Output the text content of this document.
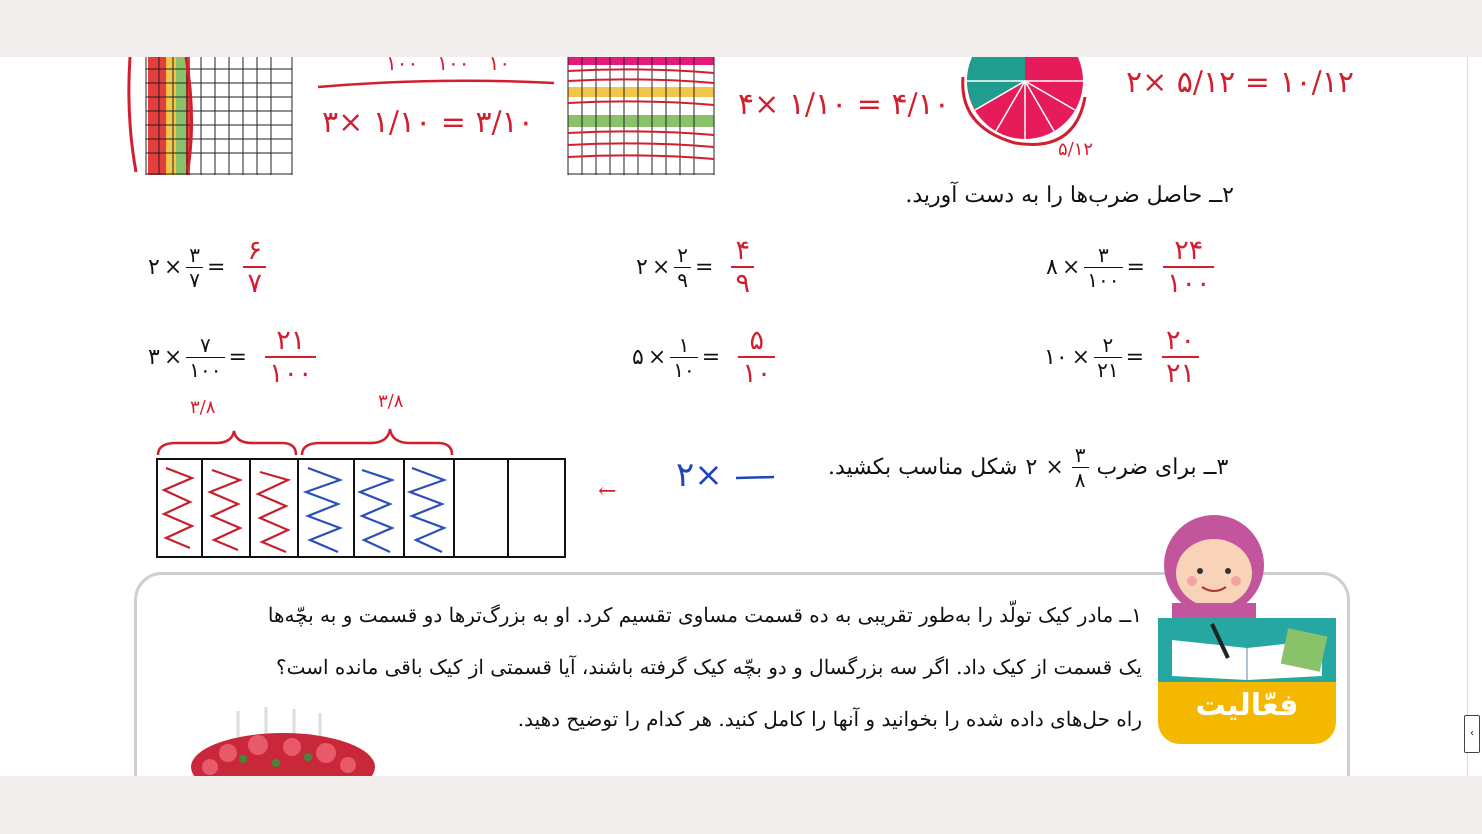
۳× ۱/۱۰ = ۳/۱۰
۴× ۱/۱۰ = ۴/۱۰
۲× ۵/۱۲ = ۱۰/۱۲
۵/۱۲
۱۰۰   ۱۰۰   ۱۰
۲ــ حاصل ضرب‌ها را به دست آورید.
۲ × $\frac{۳}{۷} = \frac{۶}{۷}$	۲ × $\frac{۲}{۹} = \frac{۴}{۹}$	۸ × $\frac{۳}{۱۰۰} = \frac{۲۴}{۱۰۰}$
۳ × $\frac{۷}{۱۰۰} = \frac{۲۱}{۱۰۰}$	۵ × $\frac{۱}{۱۰} = \frac{۵}{۱۰}$	۱۰ × $\frac{۲}{۲۱} = \frac{۲۰}{۲۱}$
شکل مناسب بکشید. ۲ × $\frac{۳}{۸}$ ۳ــ برای ضرب
۲×
←
۳/۸	۳/۸
فعّالیت
۱ــ مادر کیک تولّد را به‌طور تقریبی به ده قسمت مساوی تقسیم کرد. او به بزرگ‌ترها دو قسمت و به بچّه‌ها
یک قسمت از کیک داد. اگر سه بزرگسال و دو بچّه کیک گرفته باشند، آیا قسمتی از کیک باقی مانده است؟
راه حل‌های داده شده را بخوانید و آنها را کامل کنید. هر کدام را توضیح دهید.
‹
